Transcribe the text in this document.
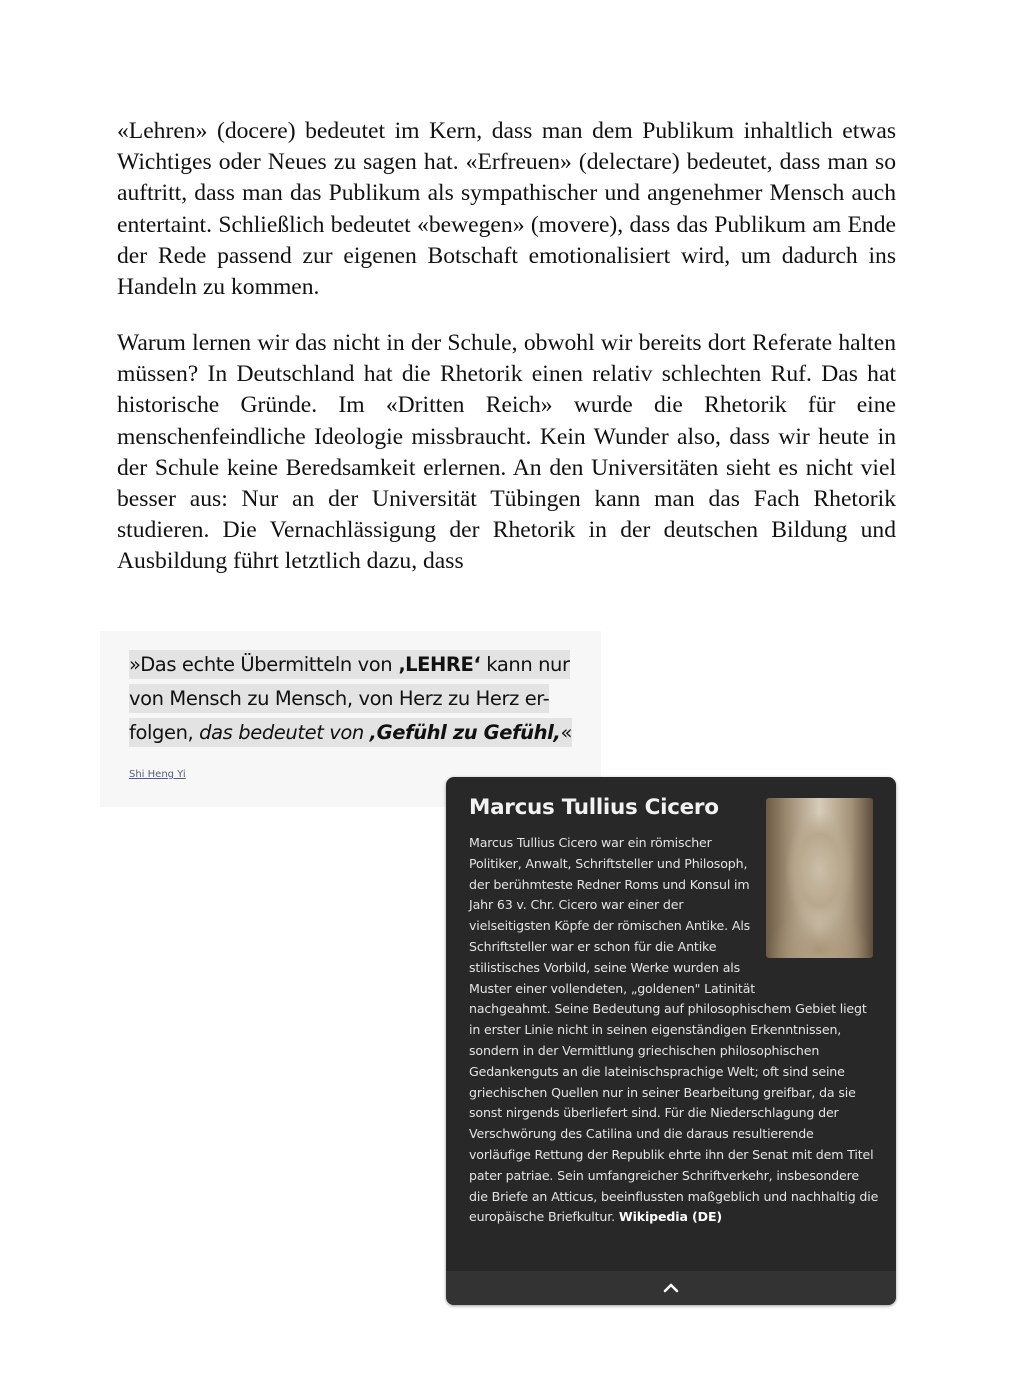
«Lehren» (docere) bedeutet im Kern, dass man dem Publikum inhaltlich etwas Wichtiges oder Neues zu sagen hat. «Erfreuen» (delectare) bedeutet, dass man so auftritt, dass man das Publikum als sympathischer und angenehmer Mensch auch entertaint. Schließlich bedeutet «bewegen» (movere), dass das Publikum am Ende der Rede passend zur eigenen Botschaft emotionalisiert wird, um dadurch ins Handeln zu kommen.

Warum lernen wir das nicht in der Schule, obwohl wir bereits dort Referate halten müssen? In Deutschland hat die Rhetorik einen relativ schlechten Ruf. Das hat historische Gründe. Im «Dritten Reich» wurde die Rhetorik für eine menschenfeindliche Ideologie missbraucht. Kein Wunder also, dass wir heute in der Schule keine Beredsamkeit erlernen. An den Universitäten sieht es nicht viel besser aus: Nur an der Universität Tübingen kann man das Fach Rhetorik studieren. Die Vernachlässigung der Rhetorik in der deutschen Bildung und Ausbildung führt letztlich dazu, dass

»Das echte Übermitteln von ‚LEHRE‘ kann nur von Mensch zu Mensch, von Herz zu Herz er-folgen, das bedeutet von ‚Gefühl zu Gefühl,«

Shi Heng Yi
Marcus Tullius Cicero

Marcus Tullius Cicero war ein römischer Politiker, Anwalt, Schriftsteller und Philosoph, der berühmteste Redner Roms und Konsul im Jahr 63 v. Chr. Cicero war einer der vielseitigsten Köpfe der römischen Antike. Als Schriftsteller war er schon für die Antike stilistisches Vorbild, seine Werke wurden als Muster einer vollendeten, „goldenen" Latinität nachgeahmt. Seine Bedeutung auf philosophischem Gebiet liegt in erster Linie nicht in seinen eigenständigen Erkenntnissen, sondern in der Vermittlung griechischen philosophischen Gedankenguts an die lateinischsprachige Welt; oft sind seine griechischen Quellen nur in seiner Bearbeitung greifbar, da sie sonst nirgends überliefert sind. Für die Niederschlagung der Verschwörung des Catilina und die daraus resultierende vorläufige Rettung der Republik ehrte ihn der Senat mit dem Titel pater patriae. Sein umfangreicher Schriftverkehr, insbesondere die Briefe an Atticus, beeinflussten maßgeblich und nachhaltig die europäische Briefkultur. Wikipedia (DE)
